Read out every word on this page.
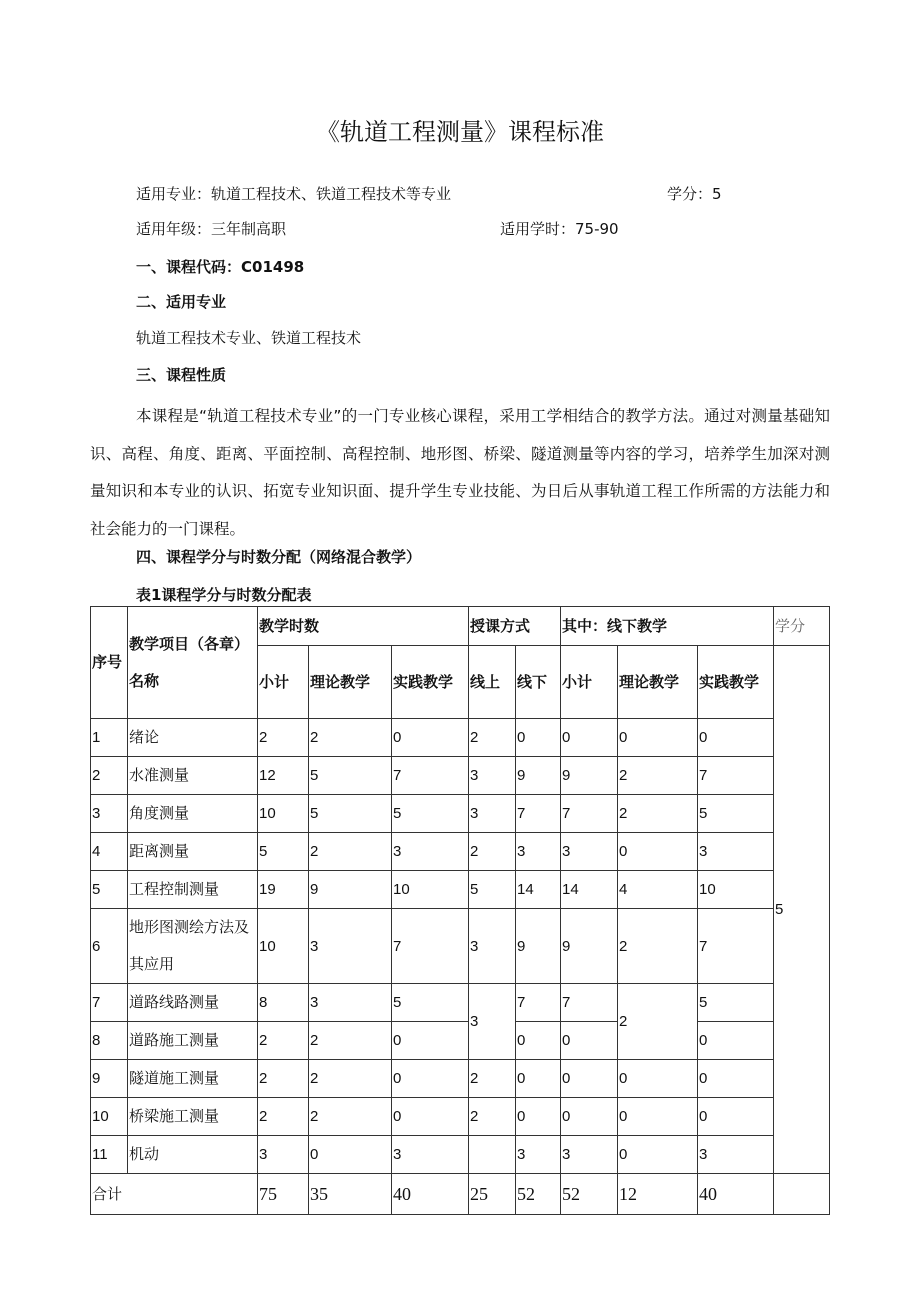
《轨道工程测量》课程标准
适用专业：轨道工程技术、铁道工程技术等专业	学分：5
适用年级：三年制高职	适用学时：75-90
一、课程代码：C01498
二、适用专业
轨道工程技术专业、铁道工程技术
三、课程性质
本课程是“轨道工程技术专业”的一门专业核心课程，采用工学相结合的教学方法。通过对测量基础知识、高程、角度、距离、平面控制、高程控制、地形图、桥梁、隧道测量等内容的学习，培养学生加深对测量知识和本专业的认识、拓宽专业知识面、提升学生专业技能、为日后从事轨道工程工作所需的方法能力和社会能力的一门课程。
四、课程学分与时数分配（网络混合教学）
表1课程学分与时数分配表
序号	教学项目（各章）名称	教学时数			授课方式		其中：线下教学			学分
		小计	理论教学	实践教学	线上	线下	小计	理论教学	实践教学	5
1	绪论	2	2	0	2	0	0	0	0	
2	水准测量	12	5	7	3	9	9	2	7	
3	角度测量	10	5	5	3	7	7	2	5	
4	距离测量	5	2	3	2	3	3	0	3	
5	工程控制测量	19	9	10	5	14	14	4	10	
6	地形图测绘方法及其应用	10	3	7	3	9	9	2	7	
7	道路线路测量	8	3	5	3	7	7	2	5	
8	道路施工测量	2	2	0		0	0		0	
9	隧道施工测量	2	2	0	2	0	0	0	0	
10	桥梁施工测量	2	2	0	2	0	0	0	0	
11	机动	3	0	3		3	3	0	3	
合计		75	35	40	25	52	52	12	40	
